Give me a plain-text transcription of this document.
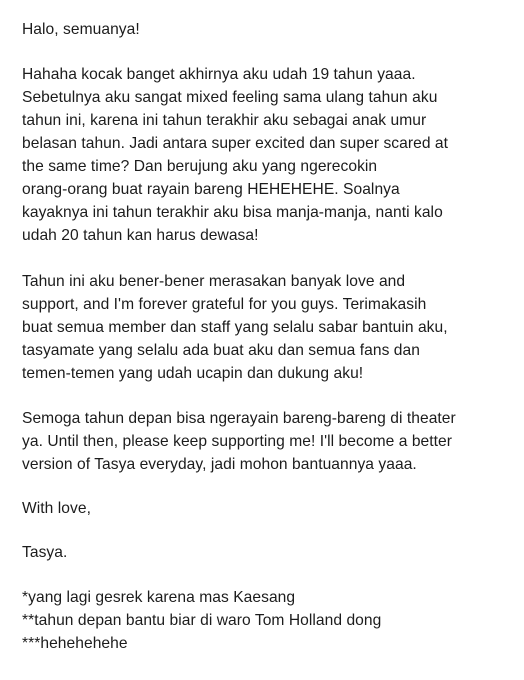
Halo, semuanya!
Hahaha kocak banget akhirnya aku udah 19 tahun yaaa.
Sebetulnya aku sangat mixed feeling sama ulang tahun aku
tahun ini, karena ini tahun terakhir aku sebagai anak umur
belasan tahun. Jadi antara super excited dan super scared at
the same time? Dan berujung aku yang ngerecokin
orang-orang buat rayain bareng HEHEHEHE. Soalnya
kayaknya ini tahun terakhir aku bisa manja-manja, nanti kalo
udah 20 tahun kan harus dewasa!
Tahun ini aku bener-bener merasakan banyak love and
support, and I'm forever grateful for you guys. Terimakasih
buat semua member dan staff yang selalu sabar bantuin aku,
tasyamate yang selalu ada buat aku dan semua fans dan
temen-temen yang udah ucapin dan dukung aku!
Semoga tahun depan bisa ngerayain bareng-bareng di theater
ya. Until then, please keep supporting me! I'll become a better
version of Tasya everyday, jadi mohon bantuannya yaaa.
With love,
Tasya.
*yang lagi gesrek karena mas Kaesang
**tahun depan bantu biar di waro Tom Holland dong
***hehehehehe
